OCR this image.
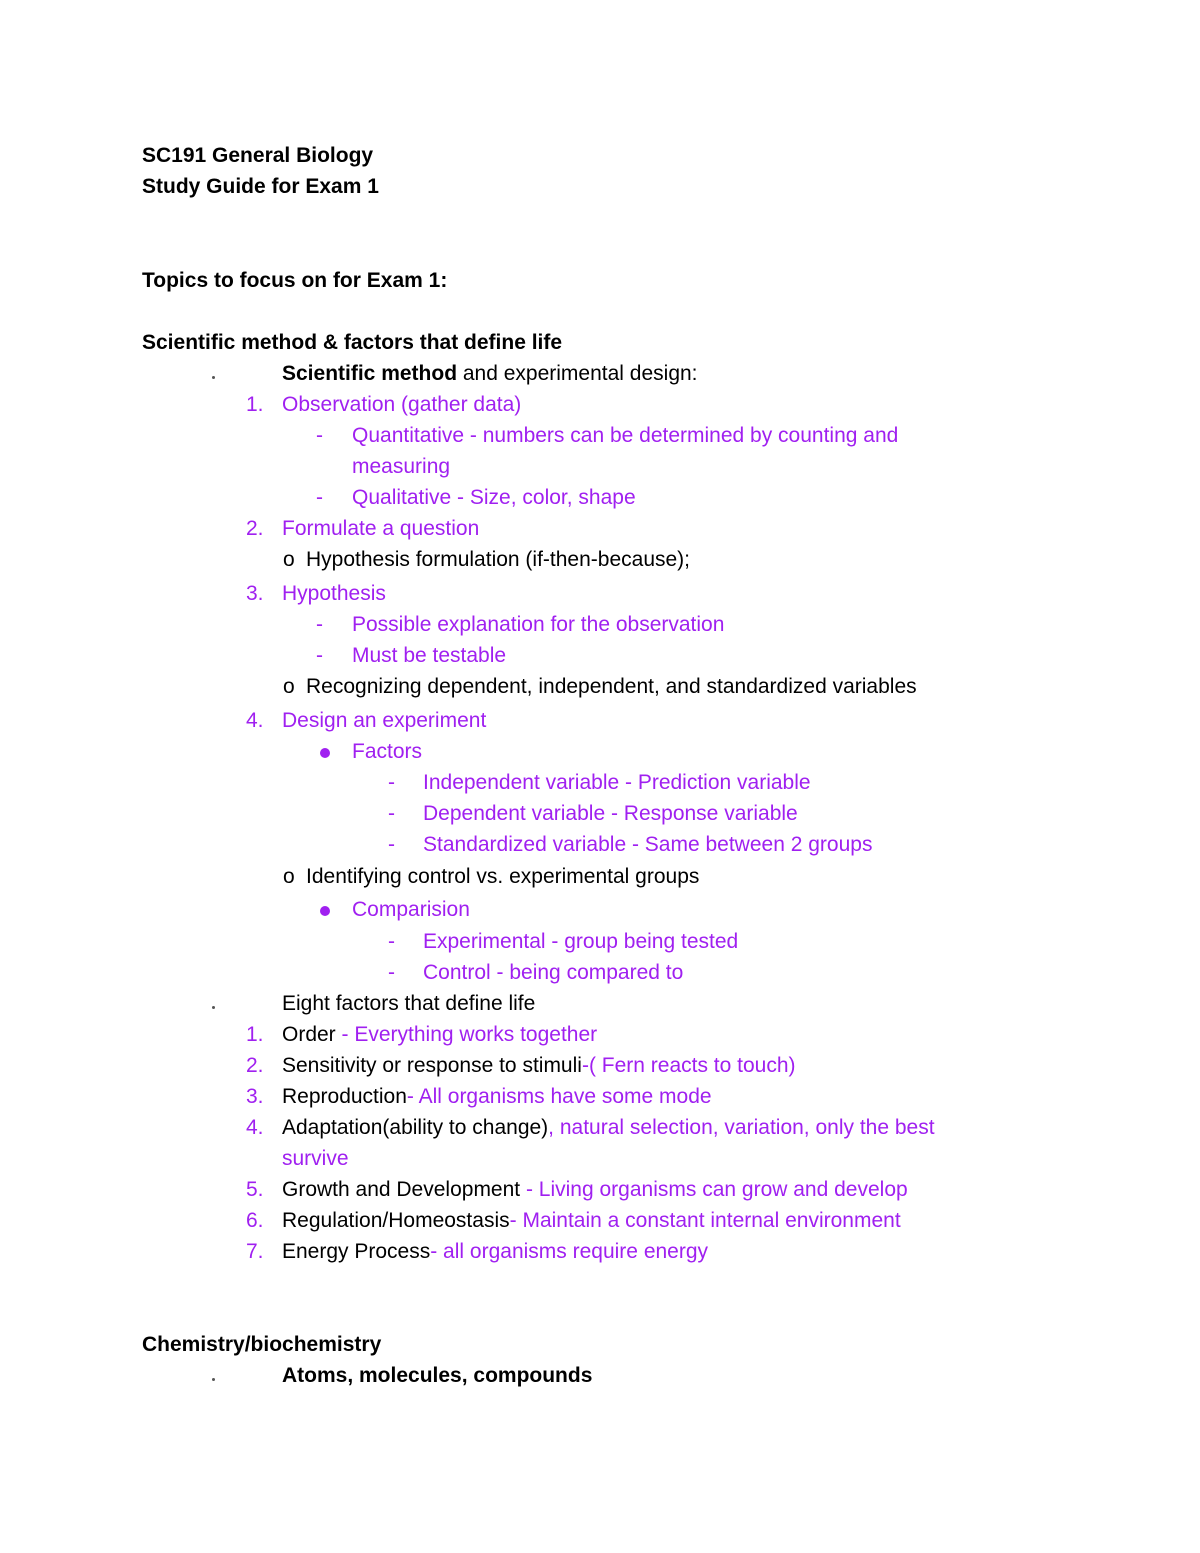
SC191 General Biology
Study Guide for Exam 1
Topics to focus on for Exam 1:
Scientific method & factors that define life
Scientific method and experimental design:
1. Observation (gather data)
- Quantitative - numbers can be determined by counting and
measuring
- Qualitative - Size, color, shape
2. Formulate a question
o Hypothesis formulation (if-then-because);
3. Hypothesis
- Possible explanation for the observation
- Must be testable
o Recognizing dependent, independent, and standardized variables
4. Design an experiment
Factors
- Independent variable - Prediction variable
- Dependent variable - Response variable
- Standardized variable - Same between 2 groups
o Identifying control vs. experimental groups
Comparision
- Experimental - group being tested
- Control - being compared to
Eight factors that define life
1. Order - Everything works together
2. Sensitivity or response to stimuli-( Fern reacts to touch)
3. Reproduction- All organisms have some mode
4. Adaptation(ability to change), natural selection, variation, only the best
survive
5. Growth and Development - Living organisms can grow and develop
6. Regulation/Homeostasis- Maintain a constant internal environment
7. Energy Process- all organisms require energy
Chemistry/biochemistry
Atoms, molecules, compounds
